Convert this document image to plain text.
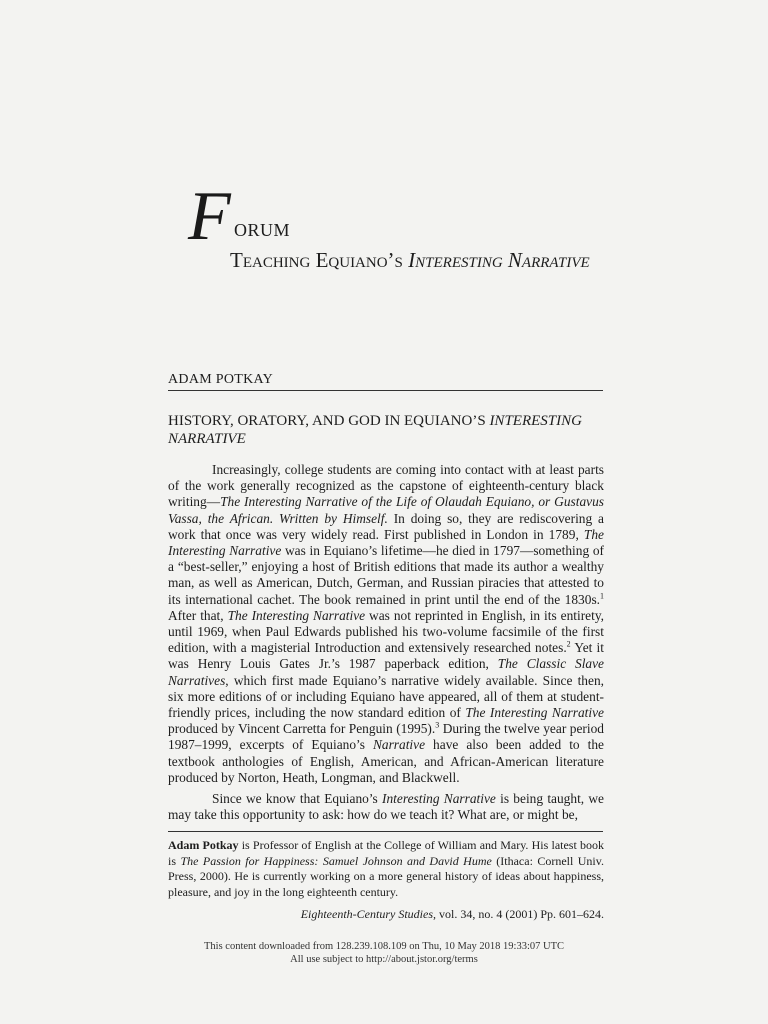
F ORUM
Teaching Equiano’s Interesting Narrative
ADAM POTKAY
HISTORY, ORATORY, AND GOD IN EQUIANO’S INTERESTING NARRATIVE

Increasingly, college students are coming into contact with at least parts of the work generally recognized as the capstone of eighteenth-century black writing—The Interesting Narrative of the Life of Olaudah Equiano, or Gustavus Vassa, the African. Written by Himself. In doing so, they are rediscovering a work that once was very widely read. First published in London in 1789, The Interesting Narrative was in Equiano’s lifetime—he died in 1797—something of a “best-seller,” enjoying a host of British editions that made its author a wealthy man, as well as American, Dutch, German, and Russian piracies that attested to its international cachet. The book remained in print until the end of the 1830s.$^1$ After that, The Interesting Narrative was not reprinted in English, in its entirety, until 1969, when Paul Edwards published his two-volume facsimile of the first edition, with a magisterial Introduction and extensively researched notes.$^2$ Yet it was Henry Louis Gates Jr.’s 1987 paperback edition, The Classic Slave Narratives, which first made Equiano’s narrative widely available. Since then, six more editions of or including Equiano have appeared, all of them at student-friendly prices, including the now standard edition of The Interesting Narrative produced by Vincent Carretta for Penguin (1995).$^3$ During the twelve year period 1987–1999, excerpts of Equiano’s Narrative have also been added to the textbook anthologies of English, American, and African-American literature produced by Norton, Heath, Longman, and Blackwell.

Since we know that Equiano’s Interesting Narrative is being taught, we may take this opportunity to ask: how do we teach it? What are, or might be,

Adam Potkay is Professor of English at the College of William and Mary. His latest book is The Passion for Happiness: Samuel Johnson and David Hume (Ithaca: Cornell Univ. Press, 2000). He is currently working on a more general history of ideas about happiness, pleasure, and joy in the long eighteenth century.
Eighteenth-Century Studies, vol. 34, no. 4 (2001) Pp. 601–624.
This content downloaded from 128.239.108.109 on Thu, 10 May 2018 19:33:07 UTC
All use subject to http://about.jstor.org/terms
